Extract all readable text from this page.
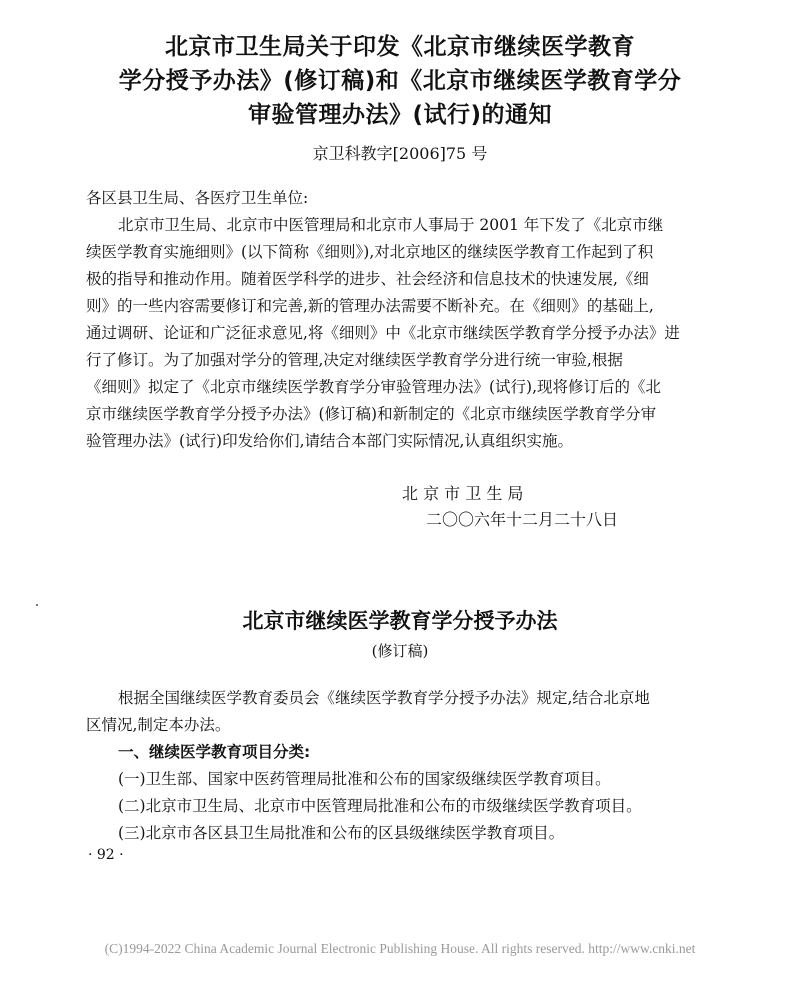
北京市卫生局关于印发《北京市继续医学教育
学分授予办法》(修订稿)和《北京市继续医学教育学分
审验管理办法》(试行)的通知
京卫科教字[2006]75 号
各区县卫生局、各医疗卫生单位:
北京市卫生局、北京市中医管理局和北京市人事局于 2001 年下发了《北京市继
续医学教育实施细则》(以下简称《细则》),对北京地区的继续医学教育工作起到了积
极的指导和推动作用。随着医学科学的进步、社会经济和信息技术的快速发展,《细
则》的一些内容需要修订和完善,新的管理办法需要不断补充。在《细则》的基础上,
通过调研、论证和广泛征求意见,将《细则》中《北京市继续医学教育学分授予办法》进
行了修订。为了加强对学分的管理,决定对继续医学教育学分进行统一审验,根据
《细则》拟定了《北京市继续医学教育学分审验管理办法》(试行),现将修订后的《北
京市继续医学教育学分授予办法》(修订稿)和新制定的《北京市继续医学教育学分审
验管理办法》(试行)印发给你们,请结合本部门实际情况,认真组织实施。
北 京 市 卫 生 局
二〇〇六年十二月二十八日
北京市继续医学教育学分授予办法
(修订稿)
根据全国继续医学教育委员会《继续医学教育学分授予办法》规定,结合北京地
区情况,制定本办法。
一、继续医学教育项目分类:
(一)卫生部、国家中医药管理局批准和公布的国家级继续医学教育项目。
(二)北京市卫生局、北京市中医管理局批准和公布的市级继续医学教育项目。
(三)北京市各区县卫生局批准和公布的区县级继续医学教育项目。
· 92 ·
(C)1994-2022 China Academic Journal Electronic Publishing House. All rights reserved. http://www.cnki.net
